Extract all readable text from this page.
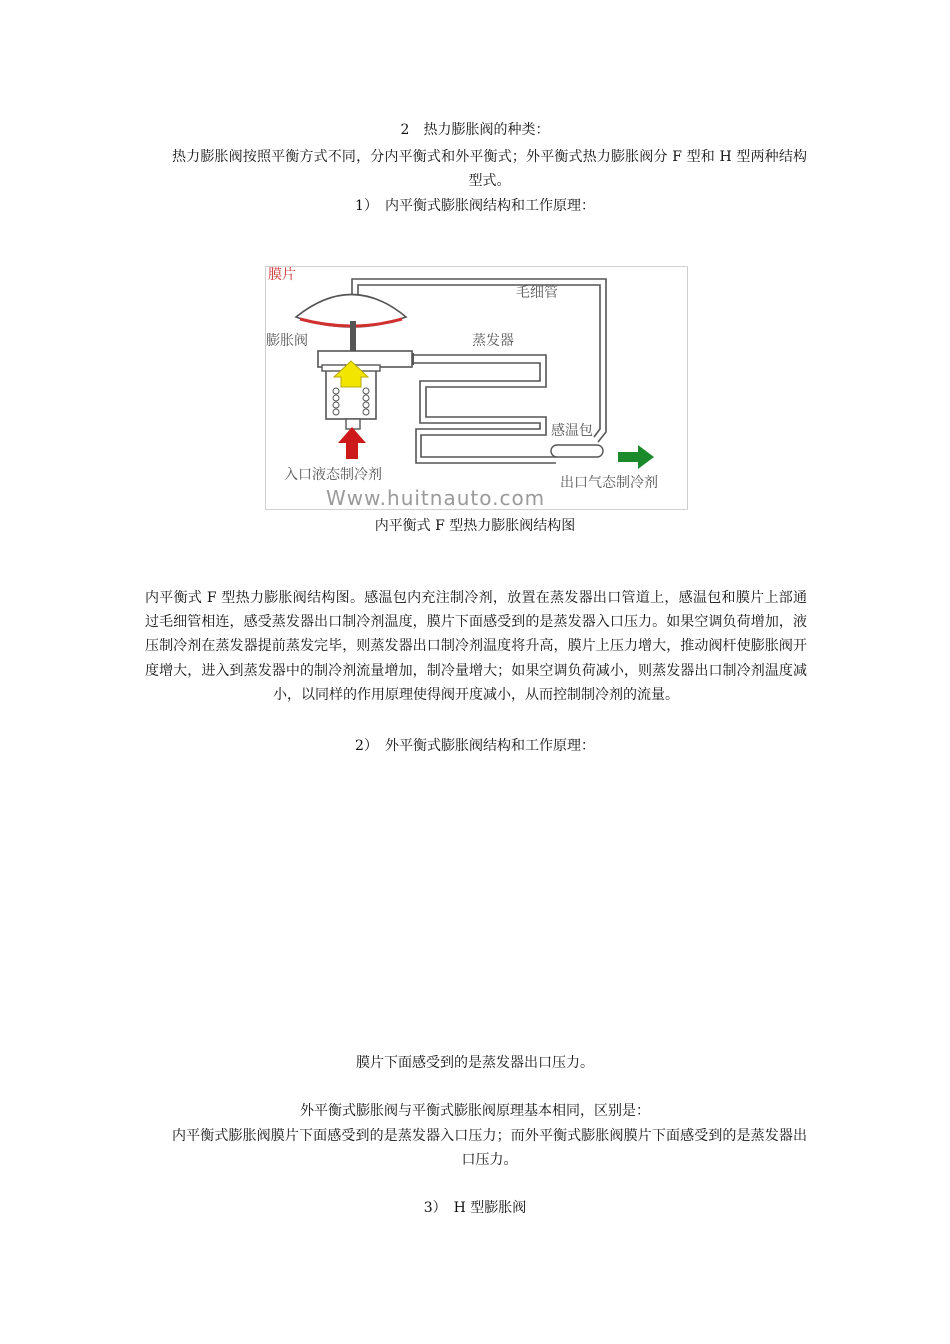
2　热力膨胀阀的种类：
热力膨胀阀按照平衡方式不同，分内平衡式和外平衡式；外平衡式热力膨胀阀分 F 型和 H 型两种结构型式。
1）　内平衡式膨胀阀结构和工作原理：
膜片
膨胀阀
毛细管
蒸发器
感温包
入口液态制冷剂	出口气态制冷剂
Www.huitnauto.com
内平衡式 F 型热力膨胀阀结构图
内平衡式 F 型热力膨胀阀结构图。感温包内充注制冷剂，放置在蒸发器出口管道上，感温包和膜片上部通过毛细管相连，感受蒸发器出口制冷剂温度，膜片下面感受到的是蒸发器入口压力。如果空调负荷增加，液压制冷剂在蒸发器提前蒸发完毕，则蒸发器出口制冷剂温度将升高，膜片上压力增大，推动阀杆使膨胀阀开度增大，进入到蒸发器中的制冷剂流量增加，制冷量增大；如果空调负荷减小，则蒸发器出口制冷剂温度减小，以同样的作用原理使得阀开度减小，从而控制制冷剂的流量。
2）　外平衡式膨胀阀结构和工作原理：
膜片下面感受到的是蒸发器出口压力。
外平衡式膨胀阀与平衡式膨胀阀原理基本相同，区别是：
内平衡式膨胀阀膜片下面感受到的是蒸发器入口压力；而外平衡式膨胀阀膜片下面感受到的是蒸发器出口压力。
3）　H 型膨胀阀
